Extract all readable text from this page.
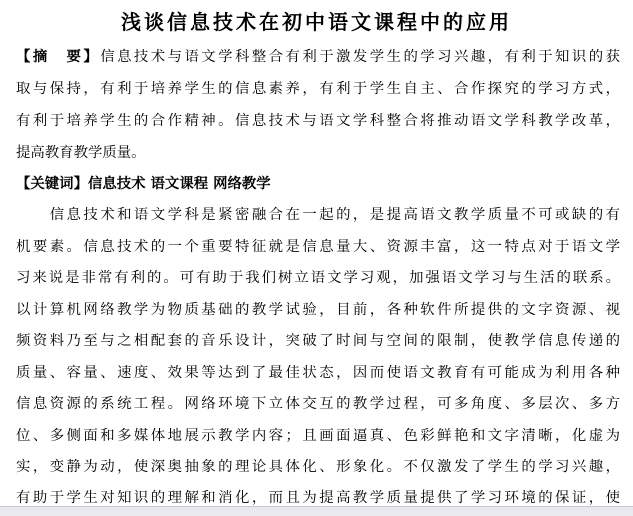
浅谈信息技术在初中语文课程中的应用
【摘　要】信息技术与语文学科整合有利于激发学生的学习兴趣，有利于知识的获
取与保持，有利于培养学生的信息素养，有利于学生自主、合作探究的学习方式，
有利于培养学生的合作精神。信息技术与语文学科整合将推动语文学科教学改革，
提高教育教学质量。
【关键词】信息技术 语文课程 网络教学
　　信息技术和语文学科是紧密融合在一起的，是提高语文教学质量不可或缺的有
机要素。信息技术的一个重要特征就是信息量大、资源丰富，这一特点对于语文学
习来说是非常有利的。可有助于我们树立语文学习观，加强语文学习与生活的联系。
以计算机网络教学为物质基础的教学试验，目前，各种软件所提供的文字资源、视
频资料乃至与之相配套的音乐设计，突破了时间与空间的限制，使教学信息传递的
质量、容量、速度、效果等达到了最佳状态，因而使语文教育有可能成为利用各种
信息资源的系统工程。网络环境下立体交互的教学过程，可多角度、多层次、多方
位、多侧面和多媒体地展示教学内容；且画面逼真、色彩鲜艳和文字清晰，化虚为
实，变静为动，使深奥抽象的理论具体化、形象化。不仅激发了学生的学习兴趣，
有助于学生对知识的理解和消化，而且为提高教学质量提供了学习环境的保证，使
